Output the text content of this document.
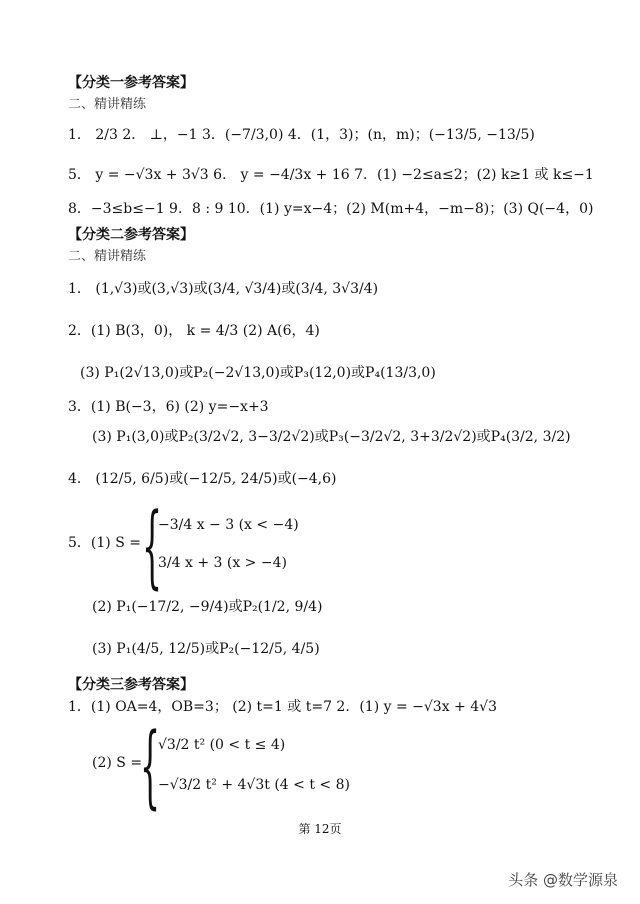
【分类一参考答案】
二、精讲精练
1． 2/3 2． ⊥，−1 3．(−7/3,0) 4．(1，3)；(n，m)；(−13/5, −13/5)
5． y = −√3x + 3√3 6． y = −4/3x + 16 7．(1) −2≤a≤2；(2) k≥1 或 k≤−1
8．−3≤b≤−1 9．8 : 9 10．(1) y=x−4；(2) M(m+4，−m−8)；(3) Q(−4，0)
【分类二参考答案】
二、精讲精练
1． (1,√3)或(3,√3)或(3/4, √3/4)或(3/4, 3√3/4)
2．(1) B(3，0)， k = 4/3 (2) A(6，4)
(3) P₁(2√13,0)或P₂(−2√13,0)或P₃(12,0)或P₄(13/3,0)
3．(1) B(−3，6) (2) y=−x+3
(3) P₁(3,0)或P₂(3/2√2, 3−3/2√2)或P₃(−3/2√2, 3+3/2√2)或P₄(3/2, 3/2)
4． (12/5, 6/5)或(−12/5, 24/5)或(−4,6)
5．(1) S = {
−3/4 x − 3 (x < −4)
3/4 x + 3 (x > −4)
(2) P₁(−17/2, −9/4)或P₂(1/2, 9/4)
(3) P₁(4/5, 12/5)或P₂(−12/5, 4/5)
【分类三参考答案】
1．(1) OA=4，OB=3； (2) t=1 或 t=7 2．(1) y = −√3x + 4√3
(2) S =
{
√3/2 t² (0 < t ≤ 4)
−√3/2 t² + 4√3t (4 < t < 8)
第 12页
头条 @数学源泉
